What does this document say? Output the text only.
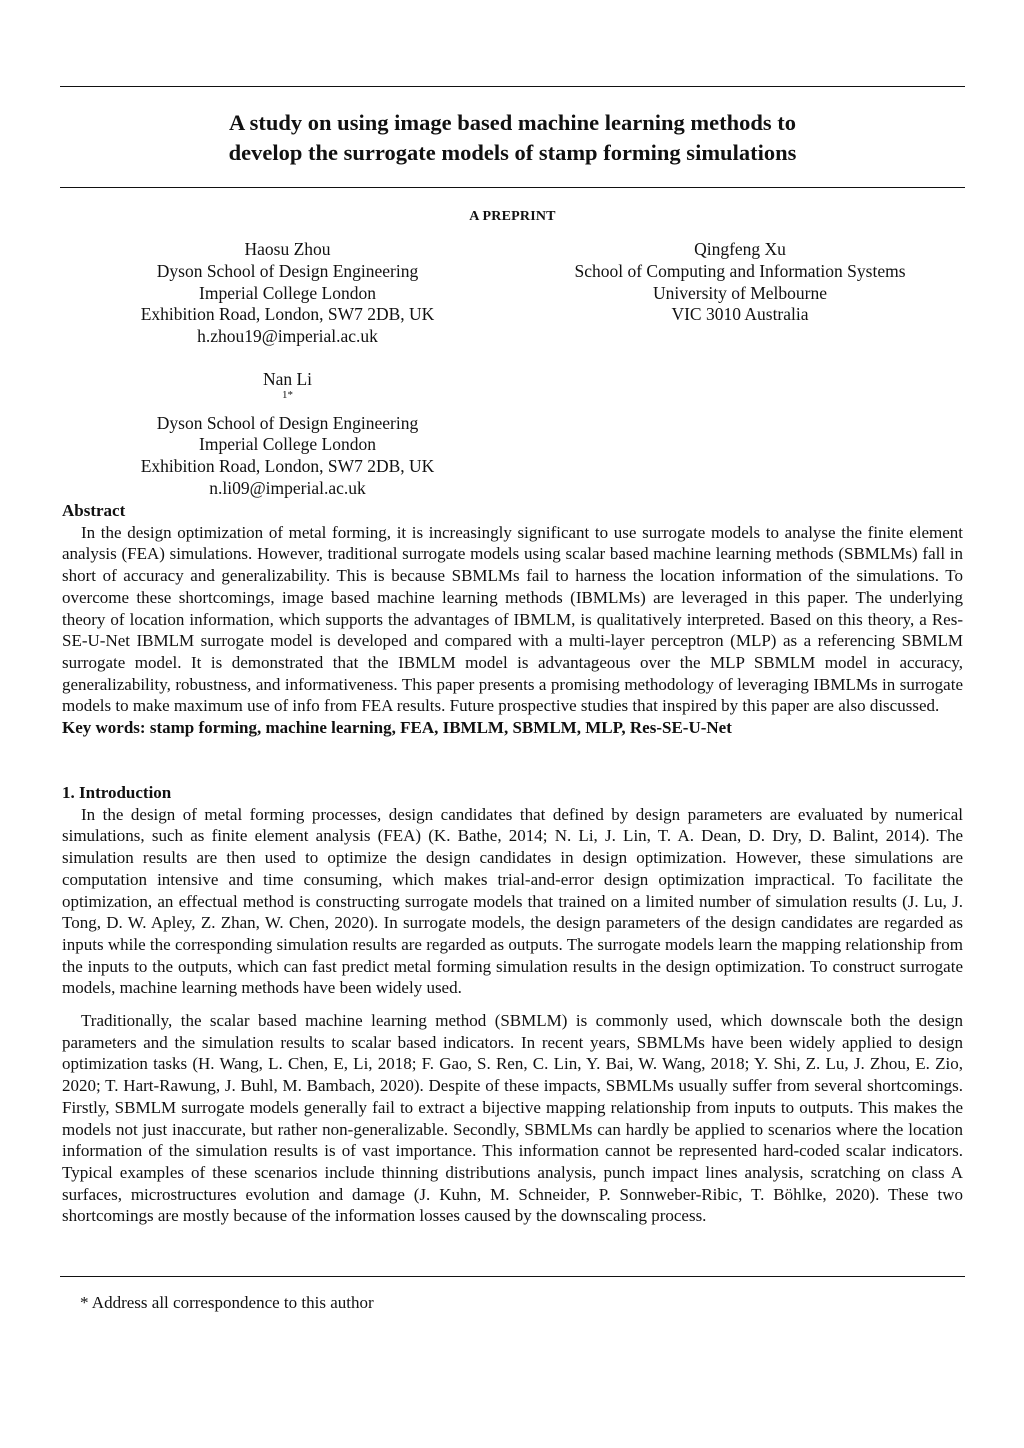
A study on using image based machine learning methods to
develop the surrogate models of stamp forming simulations
A PREPRINT
Haosu Zhou
Dyson School of Design Engineering
Imperial College London
Exhibition Road, London, SW7 2DB, UK
h.zhou19@imperial.ac.uk
Qingfeng Xu
School of Computing and Information Systems
University of Melbourne
VIC 3010 Australia
Nan Li
$^{1*}$
Dyson School of Design Engineering
Imperial College London
Exhibition Road, London, SW7 2DB, UK
n.li09@imperial.ac.uk
Abstract

In the design optimization of metal forming, it is increasingly significant to use surrogate models to analyse the finite element analysis (FEA) simulations. However, traditional surrogate models using scalar based machine learning methods (SBMLMs) fall in short of accuracy and generalizability. This is because SBMLMs fail to harness the location information of the simulations. To overcome these shortcomings, image based machine learning methods (IBMLMs) are leveraged in this paper. The underlying theory of location information, which supports the advantages of IBMLM, is qualitatively interpreted. Based on this theory, a Res-SE-U-Net IBMLM surrogate model is developed and compared with a multi-layer perceptron (MLP) as a referencing SBMLM surrogate model. It is demonstrated that the IBMLM model is advantageous over the MLP SBMLM model in accuracy, generalizability, robustness, and informativeness. This paper presents a promising methodology of leveraging IBMLMs in surrogate models to make maximum use of info from FEA results. Future prospective studies that inspired by this paper are also discussed.

Key words: stamp forming, machine learning, FEA, IBMLM, SBMLM, MLP, Res-SE-U-Net
1. Introduction

In the design of metal forming processes, design candidates that defined by design parameters are evaluated by numerical simulations, such as finite element analysis (FEA) (K. Bathe, 2014; N. Li, J. Lin, T. A. Dean, D. Dry, D. Balint, 2014). The simulation results are then used to optimize the design candidates in design optimization. However, these simulations are computation intensive and time consuming, which makes trial-and-error design optimization impractical. To facilitate the optimization, an effectual method is constructing surrogate models that trained on a limited number of simulation results (J. Lu, J. Tong, D. W. Apley, Z. Zhan, W. Chen, 2020). In surrogate models, the design parameters of the design candidates are regarded as inputs while the corresponding simulation results are regarded as outputs. The surrogate models learn the mapping relationship from the inputs to the outputs, which can fast predict metal forming simulation results in the design optimization. To construct surrogate models, machine learning methods have been widely used.

Traditionally, the scalar based machine learning method (SBMLM) is commonly used, which downscale both the design parameters and the simulation results to scalar based indicators. In recent years, SBMLMs have been widely applied to design optimization tasks (H. Wang, L. Chen, E, Li, 2018; F. Gao, S. Ren, C. Lin, Y. Bai, W. Wang, 2018; Y. Shi, Z. Lu, J. Zhou, E. Zio, 2020; T. Hart-Rawung, J. Buhl, M. Bambach, 2020). Despite of these impacts, SBMLMs usually suffer from several shortcomings. Firstly, SBMLM surrogate models generally fail to extract a bijective mapping relationship from inputs to outputs. This makes the models not just inaccurate, but rather non-generalizable. Secondly, SBMLMs can hardly be applied to scenarios where the location information of the simulation results is of vast importance. This information cannot be represented hard-coded scalar indicators. Typical examples of these scenarios include thinning distributions analysis, punch impact lines analysis, scratching on class A surfaces, microstructures evolution and damage (J. Kuhn, M. Schneider, P. Sonnweber-Ribic, T. Böhlke, 2020). These two shortcomings are mostly because of the information losses caused by the downscaling process.

* Address all correspondence to this author
